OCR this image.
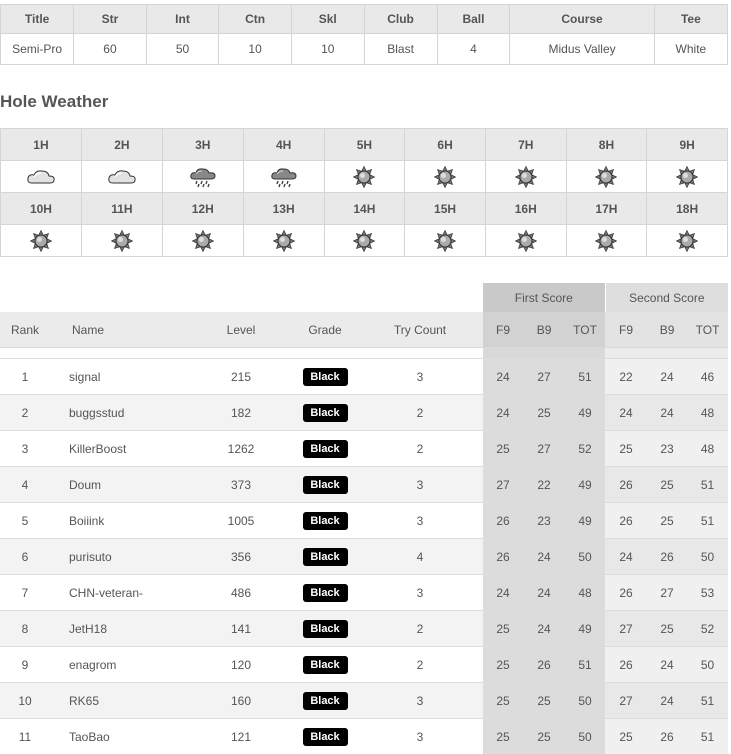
Title	Str	Int	Ctn	Skl	Club	Ball	Course	Tee
Semi-Pro	60	50	10	10	Blast	4	Midus Valley	White
Hole Weather
1H	2H	3H	4H	5H	6H	7H	8H	9H

10H	11H	12H	13H	14H	15H	16H	17H	18H

					First Score			Second Score		
Rank	Name	Level	Grade	Try Count	F9	B9	TOT	F9	B9	TOT

1	signal	215	Black	3	24	27	51	22	24	46
2	buggsstud	182	Black	2	24	25	49	24	24	48
3	KillerBoost	1262	Black	2	25	27	52	25	23	48
4	Doum	373	Black	3	27	22	49	26	25	51
5	Boiiink	1005	Black	3	26	23	49	26	25	51
6	purisuto	356	Black	4	26	24	50	24	26	50
7	CHN-veteran-	486	Black	3	24	24	48	26	27	53
8	JetH18	141	Black	2	25	24	49	27	25	52
9	enagrom	120	Black	2	25	26	51	26	24	50
10	RK65	160	Black	3	25	25	50	27	24	51
11	TaoBao	121	Black	3	25	25	50	25	26	51
